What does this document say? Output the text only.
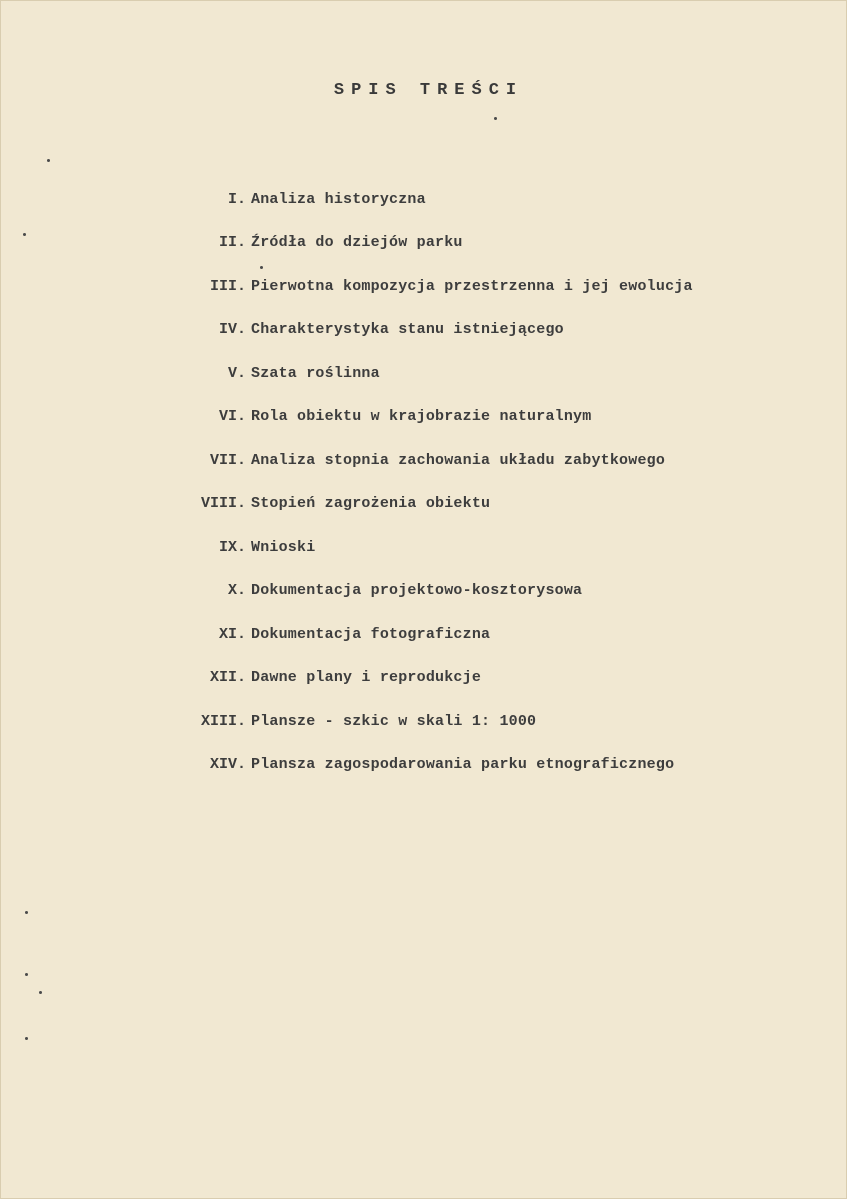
SPIS TREŚCI
I. Analiza historyczna
II. Źródła do dziejów parku
III. Pierwotna kompozycja przestrzenna i jej ewolucja
IV. Charakterystyka stanu istniejącego
V. Szata roślinna
VI. Rola obiektu w krajobrazie naturalnym
VII. Analiza stopnia zachowania układu zabytkowego
VIII. Stopień zagrożenia obiektu
IX. Wnioski
X. Dokumentacja projektowo-kosztorysowa
XI. Dokumentacja fotograficzna
XII. Dawne plany i reprodukcje
XIII. Plansze - szkic w skali 1: 1000
XIV. Plansza zagospodarowania parku etnograficznego
